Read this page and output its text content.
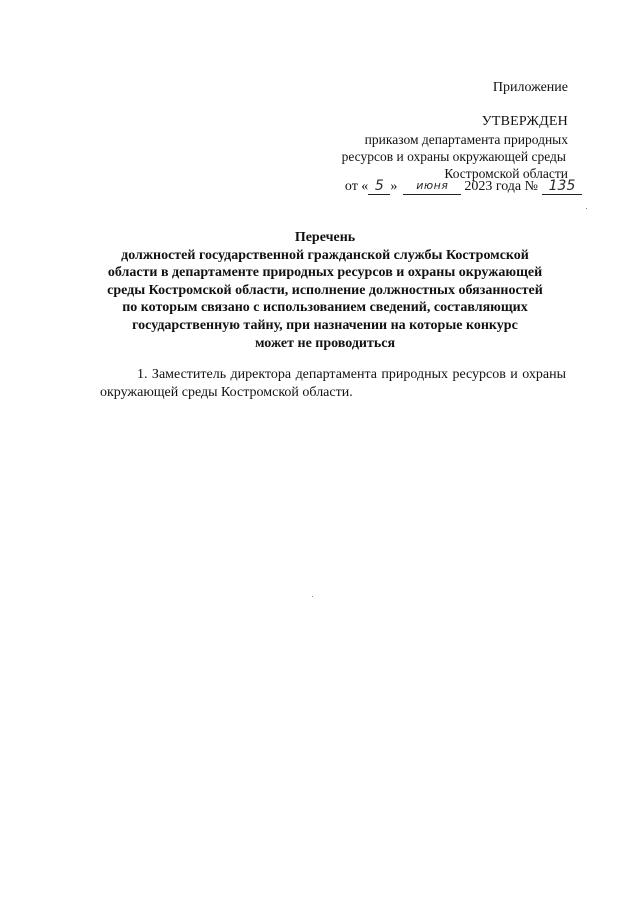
Приложение
УТВЕРЖДЕН
приказом департамента природных
ресурсов и охраны окружающей среды
Костромской области
от « 5 »	июня	2023 года № 135
Перечень
должностей государственной гражданской службы Костромской
области в департаменте природных ресурсов и охраны окружающей
среды Костромской области, исполнение должностных обязанностей
по которым связано с использованием сведений, составляющих
государственную тайну, при назначении на которые конкурс
может не проводиться
1. Заместитель директора департамента природных ресурсов и охраны окружающей среды Костромской области.
